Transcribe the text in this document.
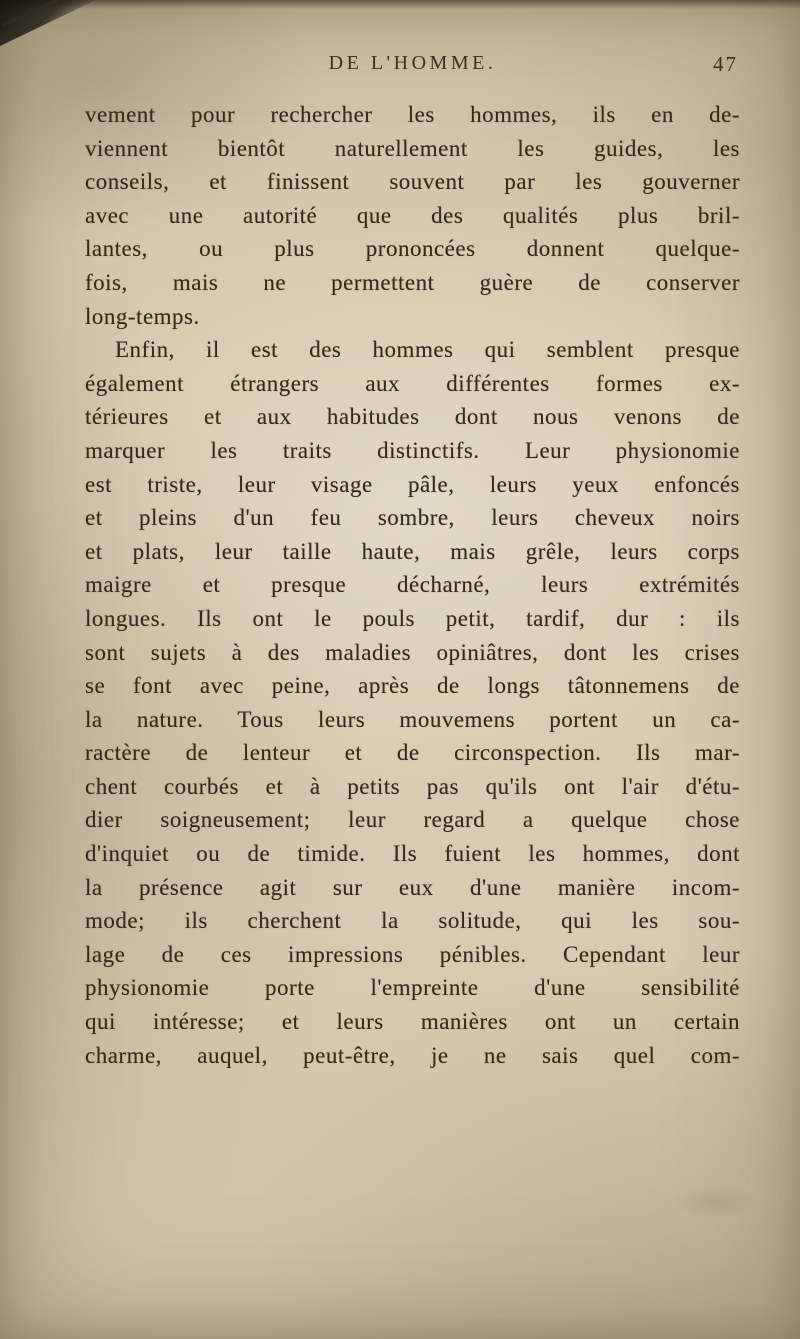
DE L'HOMME.	47

vement pour rechercher les hommes, ils en de-
viennent bientôt naturellement les guides, les
conseils, et finissent souvent par les gouverner
avec une autorité que des qualités plus bril-
lantes, ou plus prononcées donnent quelque-
fois, mais ne permettent guère de conserver
long-temps.

Enfin, il est des hommes qui semblent presque
également étrangers aux différentes formes ex-
térieures et aux habitudes dont nous venons de
marquer les traits distinctifs. Leur physionomie
est triste, leur visage pâle, leurs yeux enfoncés
et pleins d'un feu sombre, leurs cheveux noirs
et plats, leur taille haute, mais grêle, leurs corps
maigre et presque décharné, leurs extrémités
longues. Ils ont le pouls petit, tardif, dur : ils
sont sujets à des maladies opiniâtres, dont les crises
se font avec peine, après de longs tâtonnemens de
la nature. Tous leurs mouvemens portent un ca-
ractère de lenteur et de circonspection. Ils mar-
chent courbés et à petits pas qu'ils ont l'air d'étu-
dier soigneusement; leur regard a quelque chose
d'inquiet ou de timide. Ils fuient les hommes, dont
la présence agit sur eux d'une manière incom-
mode; ils cherchent la solitude, qui les sou-
lage de ces impressions pénibles. Cependant leur
physionomie porte l'empreinte d'une sensibilité
qui intéresse; et leurs manières ont un certain
charme, auquel, peut-être, je ne sais quel com-
